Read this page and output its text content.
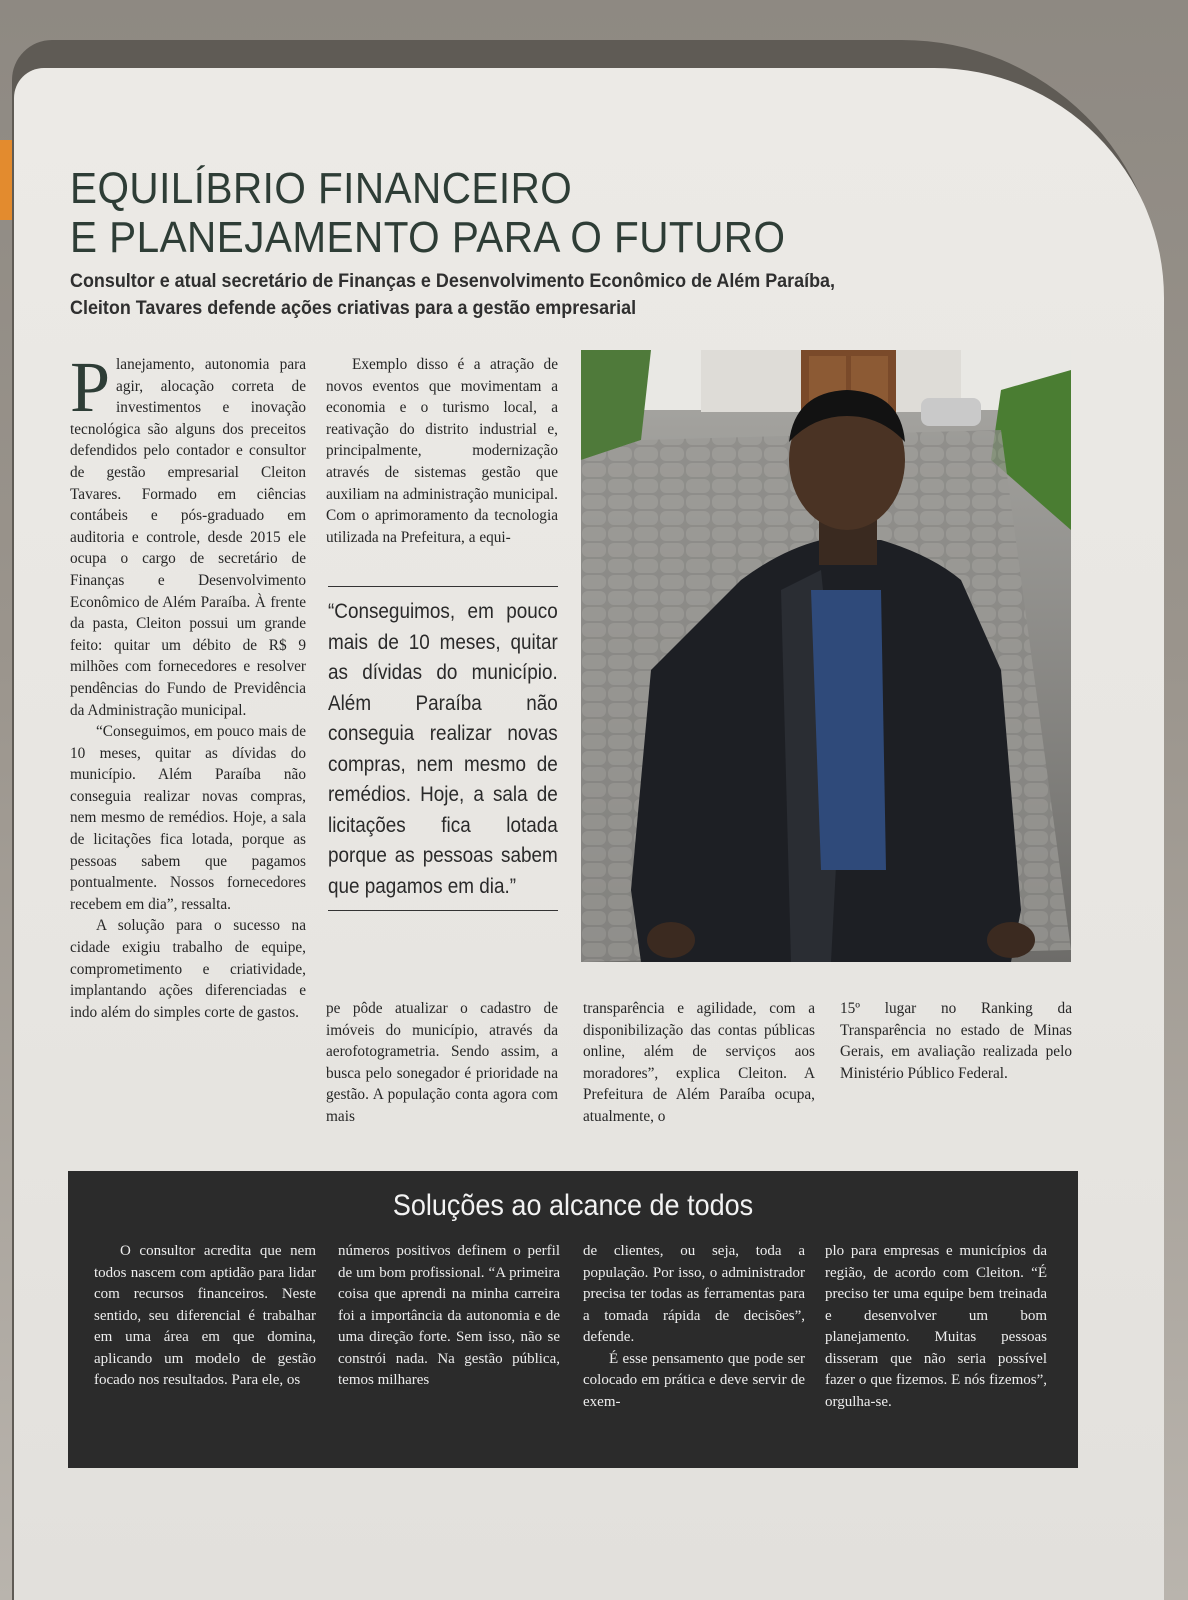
EQUILÍBRIO FINANCEIRO
E PLANEJAMENTO PARA O FUTURO
Consultor e atual secretário de Finanças e Desenvolvimento Econômico de Além Paraíba,
Cleiton Tavares defende ações criativas para a gestão empresarial

Planejamento, autonomia para agir, alocação correta de investimentos e inovação tecnológica são alguns dos preceitos defendidos pelo contador e consultor de gestão empresarial Cleiton Tavares. Formado em ciências contábeis e pós-graduado em auditoria e controle, desde 2015 ele ocupa o cargo de secretário de Finanças e Desenvolvimento Econômico de Além Paraíba. À frente da pasta, Cleiton possui um grande feito: quitar um débito de R$ 9 milhões com fornecedores e resolver pendências do Fundo de Previdência da Administração municipal.

“Conseguimos, em pouco mais de 10 meses, quitar as dívidas do município. Além Paraíba não conseguia realizar novas compras, nem mesmo de remédios. Hoje, a sala de licitações fica lotada, porque as pessoas sabem que pagamos pontualmente. Nossos fornecedores recebem em dia”, ressalta.

A solução para o sucesso na cidade exigiu trabalho de equipe, comprometimento e criatividade, implantando ações diferenciadas e indo além do simples corte de gastos.

Exemplo disso é a atração de novos eventos que movimentam a economia e o turismo local, a reativação do distrito industrial e, principalmente, modernização através de sistemas gestão que auxiliam na administração municipal. Com o aprimoramento da tecnologia utilizada na Prefeitura, a equi-

“Conseguimos, em pouco mais de 10 meses, quitar as dívidas do município. Além Paraíba não conseguia realizar novas compras, nem mesmo de remédios. Hoje, a sala de licitações fica lotada porque as pessoas sabem que pagamos em dia.”

pe pôde atualizar o cadastro de imóveis do município, através da aerofotogrametria. Sendo assim, a busca pelo sonegador é prioridade na gestão. A população conta agora com mais

transparência e agilidade, com a disponibilização das contas públicas online, além de serviços aos moradores”, explica Cleiton. A Prefeitura de Além Paraíba ocupa, atualmente, o

15º lugar no Ranking da Transparência no estado de Minas Gerais, em avaliação realizada pelo Ministério Público Federal.

Soluções ao alcance de todos

O consultor acredita que nem todos nascem com aptidão para lidar com recursos financeiros. Neste sentido, seu diferencial é trabalhar em uma área em que domina, aplicando um modelo de gestão focado nos resultados. Para ele, os

números positivos definem o perfil de um bom profissional. “A primeira coisa que aprendi na minha carreira foi a importância da autonomia e de uma direção forte. Sem isso, não se constrói nada. Na gestão pública, temos milhares

de clientes, ou seja, toda a população. Por isso, o administrador precisa ter todas as ferramentas para a tomada rápida de decisões”, defende.

É esse pensamento que pode ser colocado em prática e deve servir de exem-

plo para empresas e municípios da região, de acordo com Cleiton. “É preciso ter uma equipe bem treinada e desenvolver um bom planejamento. Muitas pessoas disseram que não seria possível fazer o que fizemos. E nós fizemos”, orgulha-se.
